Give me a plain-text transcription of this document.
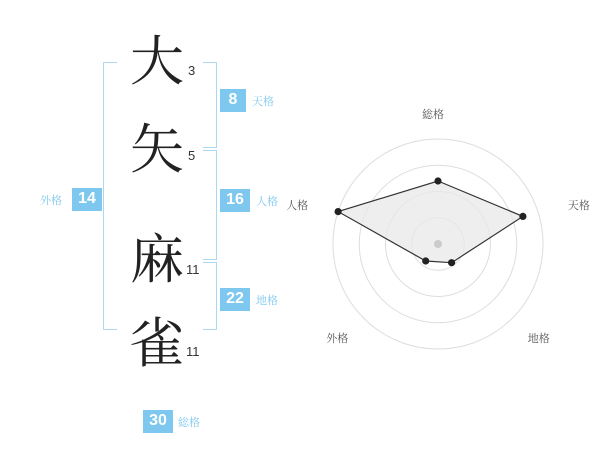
14
外格
大 3
矢 5
麻 11
雀 11
8	天格
16	人格
22	地格
30	総格
総格
天格
地格
外格
人格
